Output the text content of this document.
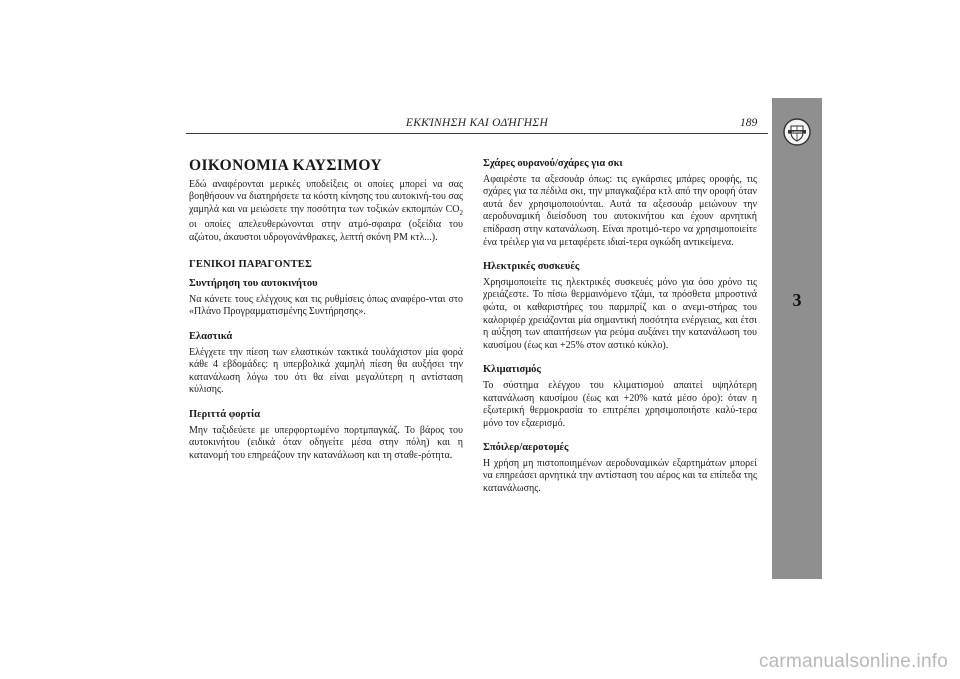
ΕΚΚΊΝΗΣΗ ΚΑΙ ΟΔΉΓΗΣΗ	189
LANCIA
3
ΟΙΚΟΝΟΜΙΑ ΚΑΥΣΙΜΟΥ

Εδώ αναφέρονται μερικές υποδείξεις οι οποίες μπορεί να σας βοηθήσουν να διατηρήσετε τα κόστη κίνησης του αυτοκινή-του σας χαμηλά και να μειώσετε την ποσότητα των τοξικών εκπομπών $CO_2$ οι οποίες απελευθερώνονται στην ατμό-σφαιρα (οξείδια του αζώτου, άκαυστοι υδρογονάνθρακες, λεπτή σκόνη PM κτλ...).

ΓΕΝΙΚΟΙ ΠΑΡΑΓΟΝΤΕΣ
Συντήρηση του αυτοκινήτου

Να κάνετε τους ελέγχους και τις ρυθμίσεις όπως αναφέρο-νται στο «Πλάνο Προγραμματισμένης Συντήρησης».

Ελαστικά

Ελέγχετε την πίεση των ελαστικών τακτικά τουλάχιστον μία φορά κάθε 4 εβδομάδες: η υπερβολικά χαμηλή πίεση θα αυξήσει την κατανάλωση λόγω του ότι θα είναι μεγαλύτερη η αντίσταση κύλισης.

Περιττά φορτία

Μην ταξιδεύετε με υπερφορτωμένο πορτμπαγκάζ. Το βάρος του αυτοκινήτου (ειδικά όταν οδηγείτε μέσα στην πόλη) και η κατανομή του επηρεάζουν την κατανάλωση και τη σταθε-ρότητα.

Σχάρες ουρανού/σχάρες για σκι

Αφαιρέστε τα αξεσουάρ όπως: τις εγκάρσιες μπάρες οροφής, τις σχάρες για τα πέδιλα σκι, την μπαγκαζιέρα κτλ από την οροφή όταν αυτά δεν χρησιμοποιούνται. Αυτά τα αξεσουάρ μειώνουν την αεροδυναμική διείσδυση του αυτοκινήτου και έχουν αρνητική επίδραση στην κατανάλωση. Είναι προτιμό-τερο να χρησιμοποιείτε ένα τρέιλερ για να μεταφέρετε ιδιαί-τερα ογκώδη αντικείμενα.

Ηλεκτρικές συσκευές

Χρησιμοποιείτε τις ηλεκτρικές συσκευές μόνο για όσο χρόνο τις χρειάζεστε. Το πίσω θερμαινόμενο τζάμι, τα πρόσθετα μπροστινά φώτα, οι καθαριστήρες του παρμπρίζ και ο ανεμι-στήρας του καλοριφέρ χρειάζονται μία σημαντική ποσότητα ενέργειας, και έτσι η αύξηση των απαιτήσεων για ρεύμα αυξάνει την κατανάλωση του καυσίμου (έως και +25% στον αστικό κύκλο).

Κλιματισμός

Το σύστημα ελέγχου του κλιματισμού απαιτεί υψηλότερη κατανάλωση καυσίμου (έως και +20% κατά μέσο όρο): όταν η εξωτερική θερμοκρασία το επιτρέπει χρησιμοποιήστε καλύ-τερα μόνο τον εξαερισμό.

Σπόιλερ/αεροτομές

Η χρήση μη πιστοποιημένων αεροδυναμικών εξαρτημάτων μπορεί να επηρεάσει αρνητικά την αντίσταση του αέρος και τα επίπεδα της κατανάλωσης.

carmanualsonline.info
